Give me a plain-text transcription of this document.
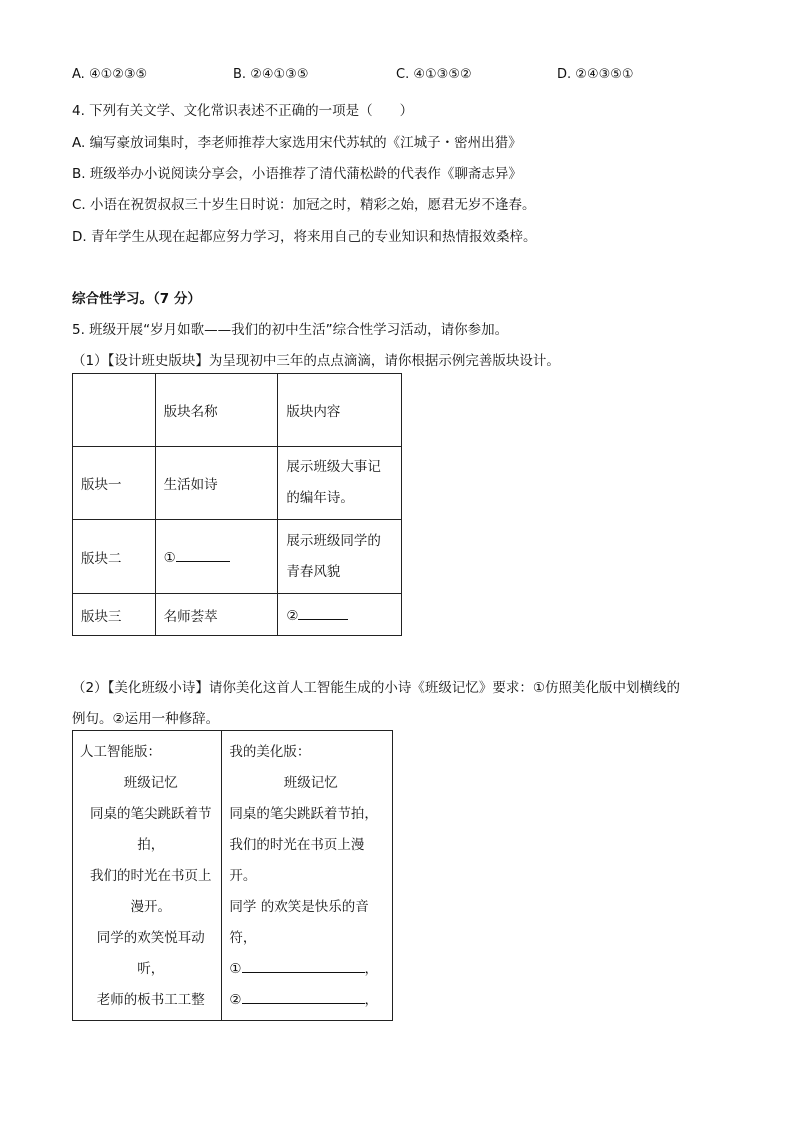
A. ④①②③⑤	B. ②④①③⑤	C. ④①③⑤②	D. ②④③⑤①
4. 下列有关文学、文化常识表述不正确的一项是（　　）
A. 编写豪放词集时，李老师推荐大家选用宋代苏轼的《江城子・密州出猎》
B. 班级举办小说阅读分享会，小语推荐了清代蒲松龄的代表作《聊斋志异》
C. 小语在祝贺叔叔三十岁生日时说：加冠之时，精彩之始，愿君无岁不逢春。
D. 青年学生从现在起都应努力学习，将来用自己的专业知识和热情报效桑梓。
综合性学习。（7 分）
5. 班级开展“岁月如歌——我们的初中生活”综合性学习活动，请你参加。
（1）【设计班史版块】为呈现初中三年的点点滴滴，请你根据示例完善版块设计。
	版块名称	版块内容
版块一	生活如诗	展示班级大事记
的编年诗。

版块二	①	展示班级同学的
青春风貌

版块三	名师荟萃	②
（2）【美化班级小诗】请你美化这首人工智能生成的小诗《班级记忆》要求：①仿照美化版中划横线的
例句。②运用一种修辞。
人工智能版：
班级记忆
同桌的笔尖跳跃着节
拍，
我们的时光在书页上
漫开。
同学的欢笑悦耳动
听，
老师的板书工工整

我的美化版：
班级记忆
同桌的笔尖跳跃着节拍，
我们的时光在书页上漫
开。
同学 的欢笑是快乐的音
符，
①	，
②	，
